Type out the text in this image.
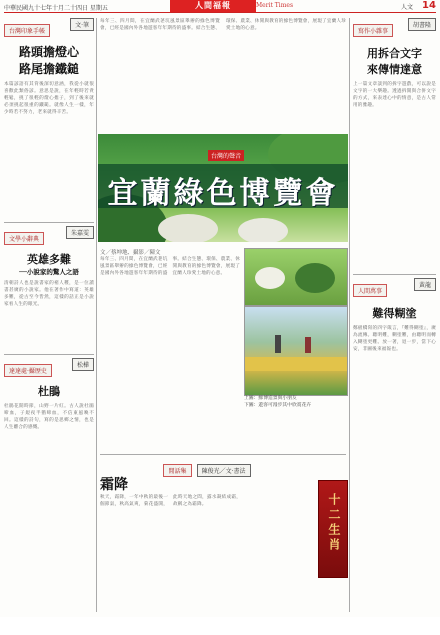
中華民國九十七年十月二十四日 星期五	人間福報	Merit Times	人文 14
台灣印象手帳
文‧筆
路頭擔燈心
路尾擔鐵鎚
本篇諺語有其背後深切意涵，我從小就很喜歡此類俗諺。意思是說，在年輕時若貪輕鬆，挑了很輕的燈心擔子，到了後來就必須挑起很重的鐵鎚。就像人生一樣，年少時若不努力，老來就得辛苦。
文學小辭典
朱嘉雯
英雄多難
──小說家的驚人之語
清朝詩人也是說書家的褚人穫，是一位讀書甚廣的小說家。他在著作中寫道：英雄多難，從古至今皆然，這樣的話正是小說家看人生的眼光。
達達處‧攝歷史
松樺
杜鵑
杜鵑花開時節，山野一片紅。古人說杜鵑啼血，子規夜半猶啼血，不信東風喚不回。這樣的詩句，寫的是思鄉之情，也是人生離合的感慨。
每年三、四月間，在宜蘭武荖坑風景區舉辦的綠色博覽會，已經是國內外各地遊客年年期待的盛事。結合生態、環保、農業、休閒與教育的綠色博覽會，展現了宜蘭人珍愛土地的心意。
台灣的聲音
宜蘭綠色博覽會
文／蔡坤地、攝影／陳文
每年三、四月間，在宜蘭武荖坑風景區舉辦的綠色博覽會，已經是國內外各地遊客年年期待的盛事。結合生態、環保、農業、休閒與教育的綠色博覽會，展現了宜蘭人珍愛土地的心意。
上圖：綠博造景與小朋友
下圖：遊客可漫步其中欣賞花卉
閒話集	陳俊光／文‧書法
霜降
秋天，霜降，一年中秋的最後一個節氣，秋高氣爽，菊花盛開，此時天地之間，露水凝結成霜，故稱之為霜降。	十二生肖
寫作小雜事
胡書隆
用拆合文字
來傳情達意
上一篇文章談到的拆字遊戲，可以說是文字的一大樂趣。透過拆開與合併文字的方式，來表達心中的情意，是古人常用的雅趣。
人間萬事
黃龍
難得糊塗
鄭板橋寫的四字箴言，『難得糊塗』，廣為流傳。聰明難，糊塗難，由聰明而轉入糊塗更難。放一著，退一步，當下心安，非圖後來福報也。
